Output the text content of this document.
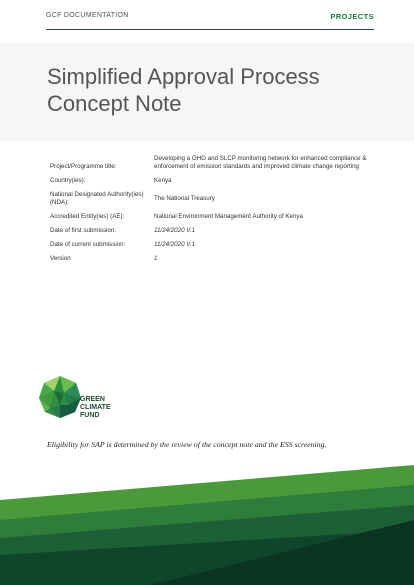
GCF DOCUMENTATION	PROJECTS
Simplified Approval Process
Concept Note
Project/Programme title:
Developing a GHG and SLCP monitoring network for enhanced compliance & enforcement of emission standards and improved climate change reporting
Country(ies):	Kenya
National Designated Authority(ies) (NDA):
The National Treasury
Accredited Entity(ies) (AE):	National Environment Management Authority of Kenya
Date of first submission:	11/24/2020 V.1
Date of current submission:	11/24/2020 V.1
Version	1
GREEN
CLIMATE
FUND
Eligibility for SAP is determined by the review of the concept note and the ESS screening.
